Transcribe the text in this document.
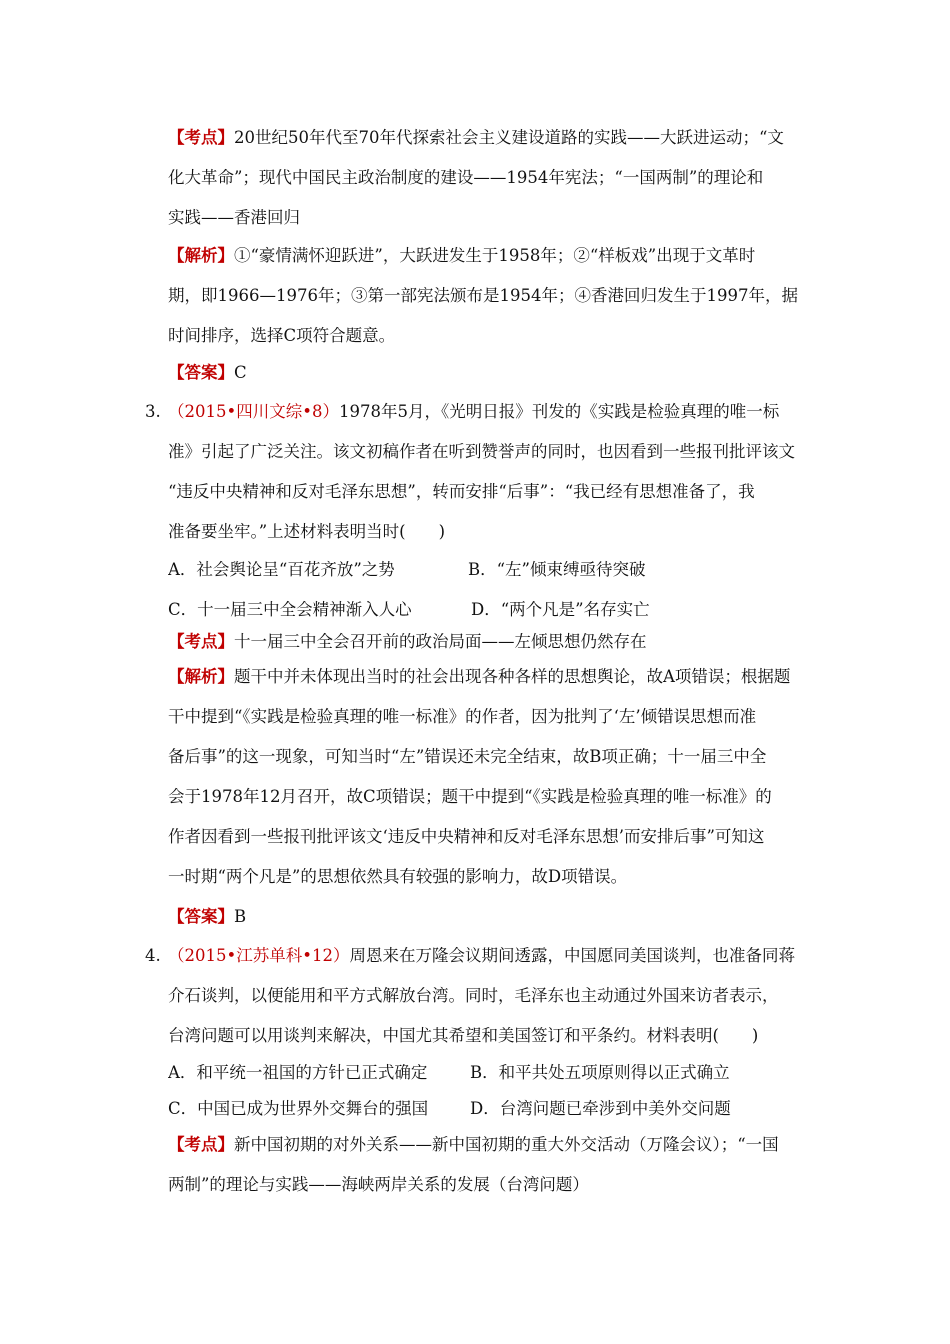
【考点】20世纪50年代至70年代探索社会主义建设道路的实践——大跃进运动；“文
化大革命”；现代中国民主政治制度的建设——1954年宪法；“一国两制”的理论和
实践——香港回归
【解析】①“豪情满怀迎跃进”，大跃进发生于1958年；②“样板戏”出现于文革时
期，即1966—1976年；③第一部宪法颁布是1954年；④香港回归发生于1997年，据
时间排序，选择C项符合题意。
【答案】C
3. （2015•四川文综•8）1978年5月，《光明日报》刊发的《实践是检验真理的唯一标
准》引起了广泛关注。该文初稿作者在听到赞誉声的同时，也因看到一些报刊批评该文
“违反中央精神和反对毛泽东思想”，转而安排“后事”：“我已经有思想准备了，我
准备要坐牢。”上述材料表明当时(　　)
A．社会舆论呈“百花齐放”之势	B．“左”倾束缚亟待突破
C．十一届三中全会精神渐入人心	D．“两个凡是”名存实亡
【考点】十一届三中全会召开前的政治局面——左倾思想仍然存在
【解析】题干中并未体现出当时的社会出现各种各样的思想舆论，故A项错误；根据题
干中提到“《实践是检验真理的唯一标准》的作者，因为批判了‘左’倾错误思想而准
备后事”的这一现象，可知当时“左”错误还未完全结束，故B项正确；十一届三中全
会于1978年12月召开，故C项错误；题干中提到“《实践是检验真理的唯一标准》的
作者因看到一些报刊批评该文‘违反中央精神和反对毛泽东思想’而安排后事”可知这
一时期“两个凡是”的思想依然具有较强的影响力，故D项错误。
【答案】B
4. （2015•江苏单科•12）周恩来在万隆会议期间透露，中国愿同美国谈判，也准备同蒋
介石谈判，以便能用和平方式解放台湾。同时，毛泽东也主动通过外国来访者表示，
台湾问题可以用谈判来解决，中国尤其希望和美国签订和平条约。材料表明(　　)
A．和平统一祖国的方针已正式确定	B．和平共处五项原则得以正式确立
C．中国已成为世界外交舞台的强国	D．台湾问题已牵涉到中美外交问题
【考点】新中国初期的对外关系——新中国初期的重大外交活动（万隆会议）；“一国
两制”的理论与实践——海峡两岸关系的发展（台湾问题）
